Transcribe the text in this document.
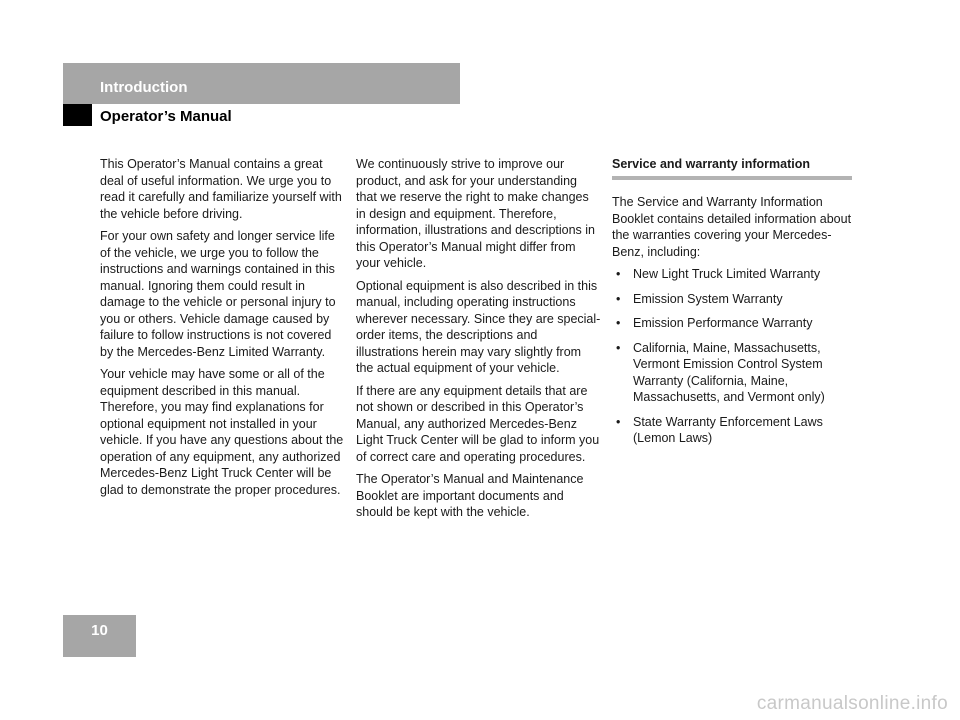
Introduction
Operator’s Manual

This Operator’s Manual contains a great deal of useful information. We urge you to read it carefully and familiarize yourself with the vehicle before driving.

For your own safety and longer service life of the vehicle, we urge you to follow the instructions and warnings contained in this manual. Ignoring them could result in damage to the vehicle or personal injury to you or others. Vehicle damage caused by failure to follow instructions is not covered by the Mercedes-Benz Limited Warranty.

Your vehicle may have some or all of the equipment described in this manual. Therefore, you may find explanations for optional equipment not installed in your vehicle. If you have any questions about the operation of any equipment, any authorized Mercedes-Benz Light Truck Center will be glad to demonstrate the proper procedures.

We continuously strive to improve our product, and ask for your understanding that we reserve the right to make changes in design and equipment. Therefore, information, illustrations and descriptions in this Operator’s Manual might differ from your vehicle.

Optional equipment is also described in this manual, including operating instructions wherever necessary. Since they are special-order items, the descriptions and illustrations herein may vary slightly from the actual equipment of your vehicle.

If there are any equipment details that are not shown or described in this Operator’s Manual, any authorized Mercedes-Benz Light Truck Center will be glad to inform you of correct care and operating procedures.

The Operator’s Manual and Maintenance Booklet are important documents and should be kept with the vehicle.

Service and warranty information

The Service and Warranty Information Booklet contains detailed information about the warranties covering your Mercedes-Benz, including:

• New Light Truck Limited Warranty
• Emission System Warranty
• Emission Performance Warranty
• California, Maine, Massachusetts, Vermont Emission Control System Warranty (California, Maine, Massachusetts, and Vermont only)
• State Warranty Enforcement Laws (Lemon Laws)
10
carmanualsonline.info
